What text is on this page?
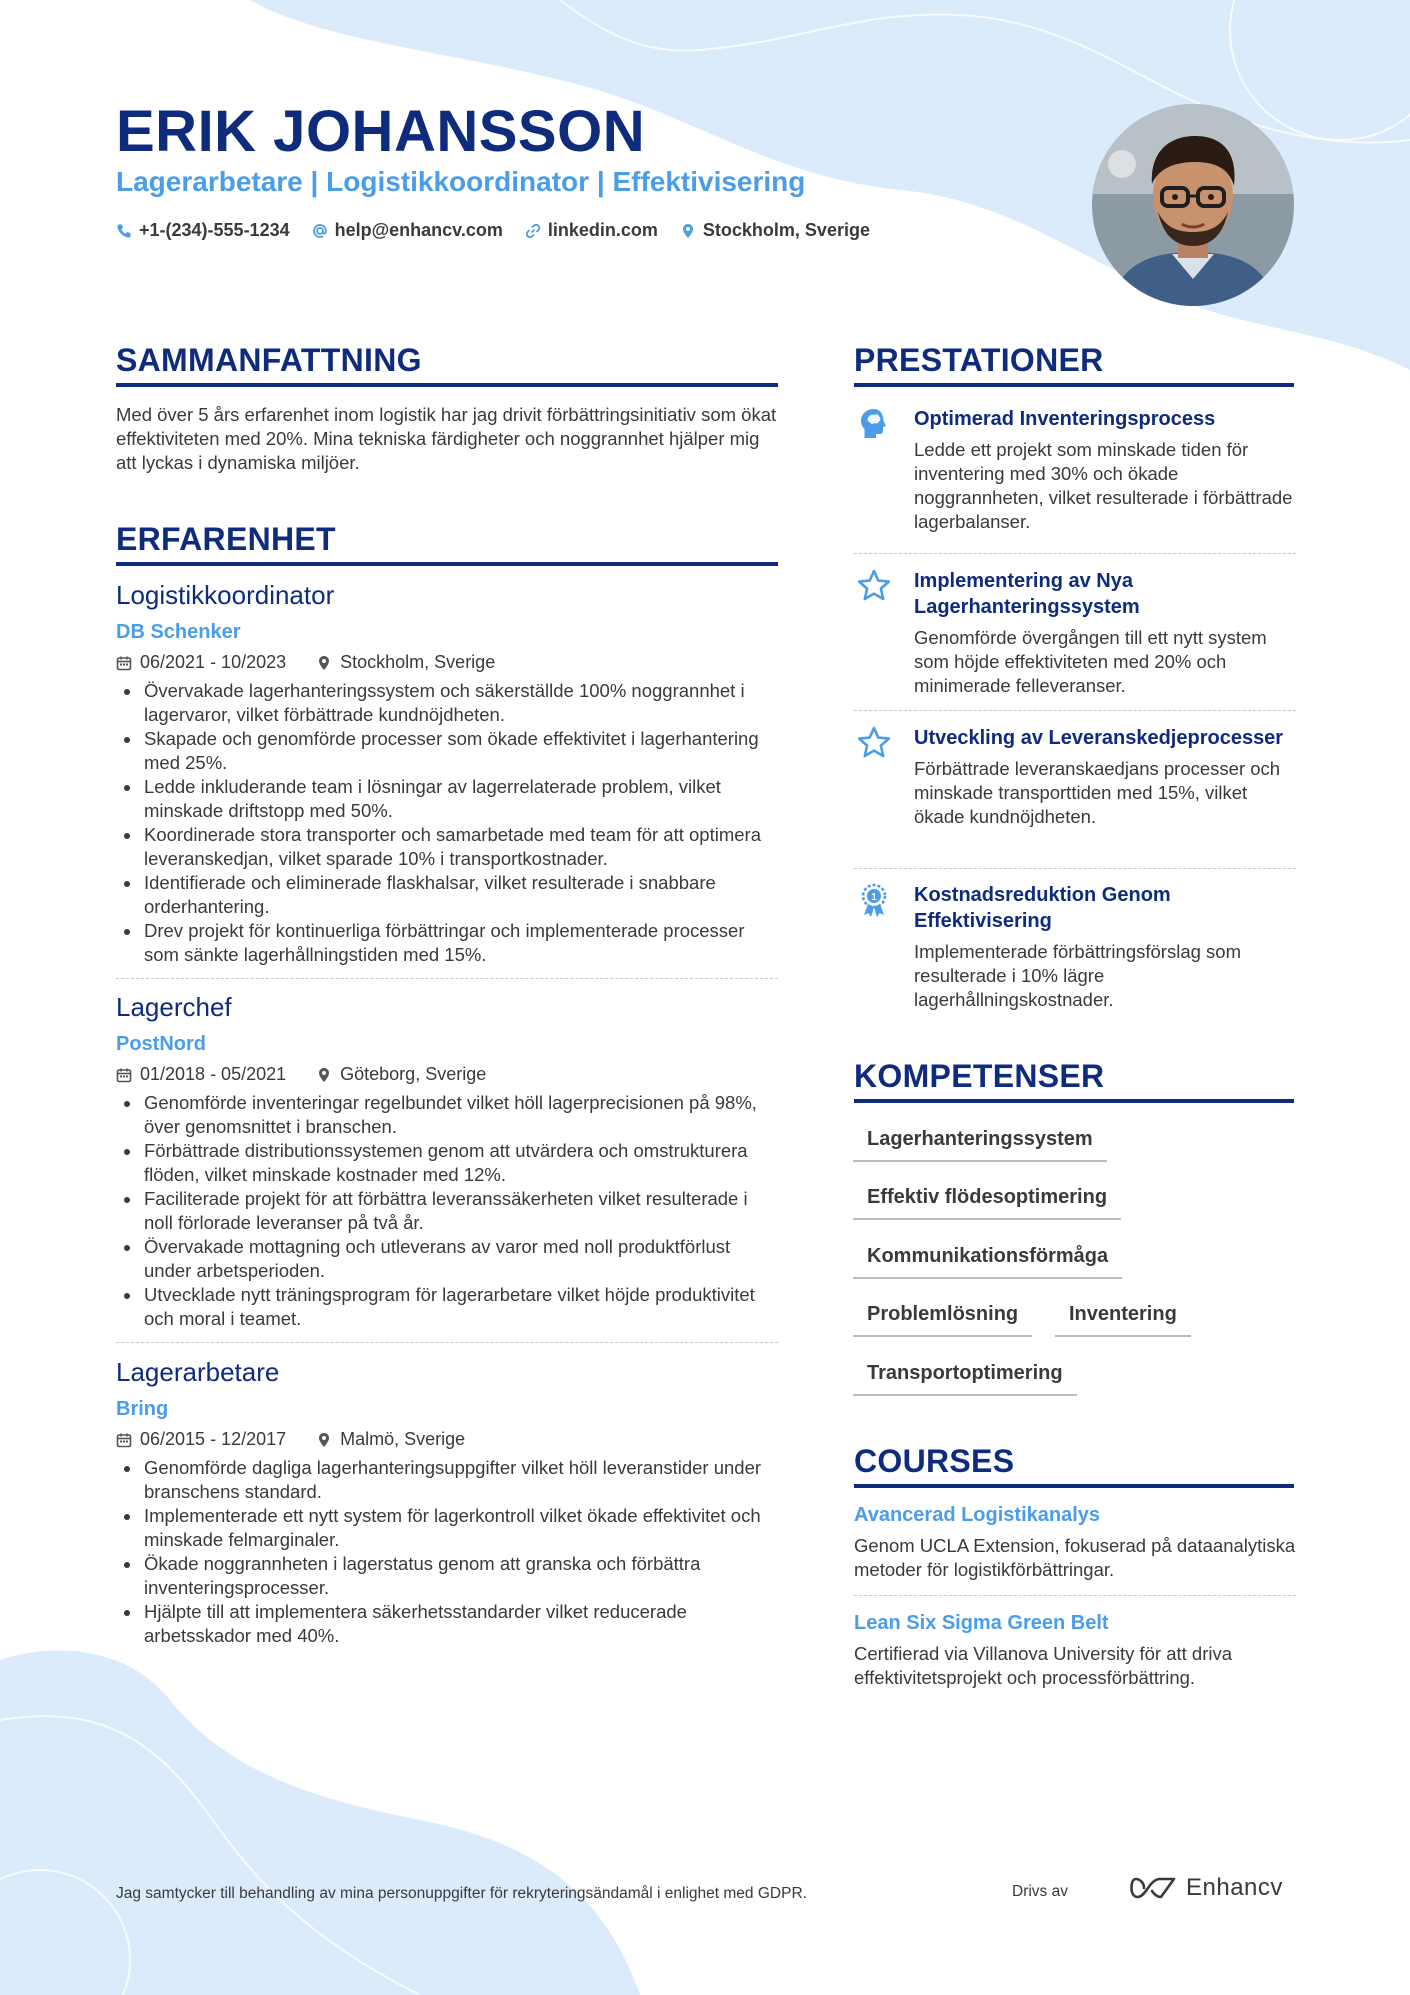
ERIK JOHANSSON
Lagerarbetare | Logistikkoordinator | Effektivisering
+1-(234)-555-1234	help@enhancv.com	linkedin.com	Stockholm, Sverige
SAMMANFATTNING
Med över 5 års erfarenhet inom logistik har jag drivit förbättringsinitiativ som ökat effektiviteten med 20%. Mina tekniska färdigheter och noggrannhet hjälper mig att lyckas i dynamiska miljöer.
ERFARENHET
Logistikkoordinator
DB Schenker
06/2021 - 10/2023	Stockholm, Sverige
Övervakade lagerhanteringssystem och säkerställde 100% noggrannhet i lagervaror, vilket förbättrade kundnöjdheten.
Skapade och genomförde processer som ökade effektivitet i lagerhantering med 25%.
Ledde inkluderande team i lösningar av lagerrelaterade problem, vilket minskade driftstopp med 50%.
Koordinerade stora transporter och samarbetade med team för att optimera leveranskedjan, vilket sparade 10% i transportkostnader.
Identifierade och eliminerade flaskhalsar, vilket resulterade i snabbare orderhantering.
Drev projekt för kontinuerliga förbättringar och implementerade processer som sänkte lagerhållningstiden med 15%.
Lagerchef
PostNord
01/2018 - 05/2021	Göteborg, Sverige
Genomförde inventeringar regelbundet vilket höll lagerprecisionen på 98%, över genomsnittet i branschen.
Förbättrade distributionssystemen genom att utvärdera och omstrukturera flöden, vilket minskade kostnader med 12%.
Faciliterade projekt för att förbättra leveranssäkerheten vilket resulterade i noll förlorade leveranser på två år.
Övervakade mottagning och utleverans av varor med noll produktförlust under arbetsperioden.
Utvecklade nytt träningsprogram för lagerarbetare vilket höjde produktivitet och moral i teamet.
Lagerarbetare
Bring
06/2015 - 12/2017	Malmö, Sverige
Genomförde dagliga lagerhanteringsuppgifter vilket höll leveranstider under branschens standard.
Implementerade ett nytt system för lagerkontroll vilket ökade effektivitet och minskade felmarginaler.
Ökade noggrannheten i lagerstatus genom att granska och förbättra inventeringsprocesser.
Hjälpte till att implementera säkerhetsstandarder vilket reducerade arbetsskador med 40%.
PRESTATIONER
Optimerad Inventeringsprocess
Ledde ett projekt som minskade tiden för inventering med 30% och ökade noggrannheten, vilket resulterade i förbättrade lagerbalanser.
Implementering av Nya Lagerhanteringssystem
Genomförde övergången till ett nytt system som höjde effektiviteten med 20% och minimerade felleveranser.
Utveckling av Leveranskedjeprocesser
Förbättrade leveranskaedjans processer och minskade transporttiden med 15%, vilket ökade kundnöjdheten.
1 Kostnadsreduktion Genom Effektivisering
Implementerade förbättringsförslag som resulterade i 10% lägre lagerhållningskostnader.
KOMPETENSER
Lagerhanteringssystem
Effektiv flödesoptimering
Kommunikationsförmåga
Problemlösning	Inventering
Transportoptimering
COURSES
Avancerad Logistikanalys
Genom UCLA Extension, fokuserad på dataanalytiska metoder för logistikförbättringar.
Lean Six Sigma Green Belt
Certifierad via Villanova University för att driva effektivitetsprojekt och processförbättring.
Jag samtycker till behandling av mina personuppgifter för rekryteringsändamål i enlighet med GDPR.	Drivs av	Enhancv
